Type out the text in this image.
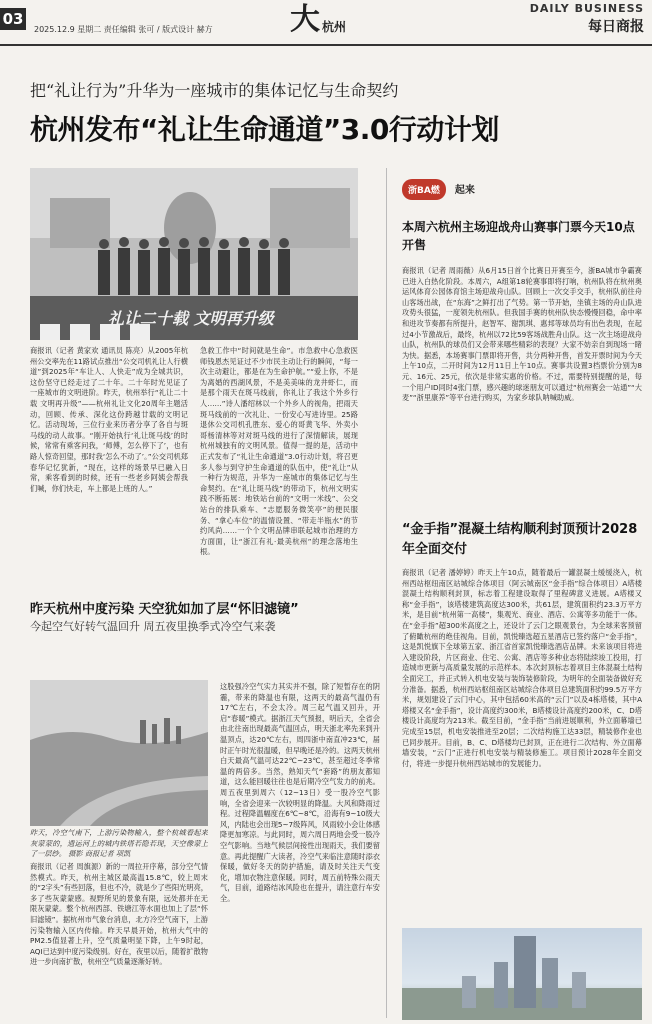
03
2025.12.9 星期二 责任编辑 张可 / 版式设计 赫方	大 杭州
DAILY BUSINESS
每日商报
把“礼让行为”升华为一座城市的集体记忆与生命契约
杭州发布“礼让生命通道”3.0行动计划
礼让二十载 文明再升级
商报讯（记者 黄家欢 通讯员 陈亮）从2005年杭州公交率先在11路试点推出“公交司机礼让人行横道”到2025年“车让人、人快走”成为全城共识，这份坚守已经走过了二十年。二十年时光见证了一座城市的文明进阶。昨天，杭州举行“礼让二十载 文明再升级”——杭州礼让文化20周年主题活动，回顾、传承、深化这份跨越廿载的文明记忆。活动现场，三位行业来历者分享了各自与斑马线的动人故事。“刚开始执行‘礼让斑马线’的时候，常常有乘客问我，‘师傅，怎么停下了’，也有路人惊奇回望，那时我‘怎么不动了’。”公交司机郑春华记忆犹新，“现在，这样的场景早已融入日常，乘客看到的时候，还有一些老乡阿姨会帮我们喊，你们快走，车上都是上班的人。”
急救工作中“时间就是生命”。市急救中心急救医师钱恩杰见证过不少市民主动让行的瞬间，“每一次主动避让，都是在为生命护航。”“爱上你，不是为离婚的西湖风景，不是美美味的龙井虾仁，而是那个雨天在斑马线前，你礼让了我这个外乡行人……”诗人潘绍林以一个外乡人的视角，把雨天斑马线前的一次礼让、一份安心写进诗里。25路退休公交司机孔胜东、爱心的哥黄飞华、外卖小哥杨清林等对对斑马线的进行了深情解读，展现杭州城独有的文明风景。值得一提的是，活动中正式发布了“礼让生命通道”3.0行动计划，将召更多人参与到守护生命通道的队伍中，使“礼让”从一种行为规范，升华为一座城市的集体记忆与生命契约。在“礼让斑马线”的带动下，杭州文明实践不断拓展：地铁站台前的“文明一米线”、公交站台的排队乘车、“志愿服务微笑亭”的便民服务、“拿心车位”的温情设置、“带走半瓶水”的节约风尚……一个个文明品牌串联起城市治理的方方面面，让“浙江有礼·最美杭州”的理念落地生根。
浙BA燃 起来
本周六杭州主场迎战舟山赛事门票今天10点开售
商报讯（记者 周雨薇）从6月15日首个比赛日开赛至今，浙BA城市争霸赛已进入白热化阶段。本周六，A组第18轮赛事即将打响，杭州队将在杭州奥运风体育公园体育馆主场迎战舟山队。回顾上一次交手交手，杭州队前往舟山客场出战，在“东海”之鲜打出了气势。第一节开始，坐镇主场的舟山队进攻势头很猛，一度领先杭州队。但我国手赛的杭州队快态慢慢回稳，命中率和进攻节奏都有所提升，赵智军、谢凯琪、惠邦等球员均有出色表现，在起过4小节激战后，最终，杭州以72比59客场战胜舟山队。这一次主场迎战舟山队，杭州队的球员们又会带来哪些精彩的表现？大家不妨亲自到现场一睹为快。据悉，本场赛事门票即将开售，共分两种开售，首发开票时间为今天上午10点，二开时间为12月11日上午10点。赛事共设置3档票价分别为8元、16元、25元，依次是非常实惠的价格。不过，需要特别提醒的是，每一个用户ID同时4张门票，感兴趣的球迷朋友可以通过“杭州赛会一站通”“大麦”“浙里康养”等平台进行购买，为家乡球队呐喊助威。
“金手指”混凝土结构顺利封顶预计2028年全面交付
商报讯（记者 潘婷婷）昨天上午10点，随着最后一罐混凝土缓缓浇入，杭州西站枢纽南区站城综合体项目（阿云城南区“金手指”综合体项目）A塔楼混凝土结构顺利封顶，标志着工程建设取得了里程碑意义进展。A塔楼又称“金手指”，该塔楼建筑高度达300米，共61层，建筑面积约23.3万平方米，是目前“杭州第一高楼”，集观光、商业、酒店、公寓等多功能于一体。在“金手指”超300米高度之上，还设计了云门之眼观景台，为全球来客预留了俯瞰杭州的绝佳视角。目前，凯悦臻选超五星酒店已签约落户“金手指”，这是凯悦旗下全球第五家、浙江省首家凯悦臻选酒店品牌。未来该项目将进入建设阶段，片区商业、住宅、公寓、酒店等多种业态将陆续竣工投用，打造城市更新与高质量发展的示范样本。本次封顶标志着项目主体混凝土结构全面完工，并正式转入机电安装与装饰装修阶段，为明年的全面装备做好充分准备。据悉，杭州西站枢纽南区站城综合体项目总建筑面积约99.5万平方米，规划建设了云门中心，其中包括60米高的“云门”以及4栋塔楼，其中A塔楼又名“金手指”，设计高度约300米，B塔楼设计高度约200米，C、D塔楼设计高度均为213米。截至目前，“金手指”当前进展顺利，外立面幕墙已完成至15层，机电安装推进至20层；二次结构施工达33层，精装修作业也已同步展开。目前，B、C、D塔楼均已封顶，正在进行二次结构、外立面幕墙安装，“云门”正进行机电安装与精装修施工。项目预计2028年全面交付，将进一步提升杭州西站城市的发展能力。
昨天杭州中度污染 天空犹如加了层“怀旧滤镜”
今起空气好转气温回升 周五夜里换季式冷空气来袭
昨天，冷空气南下，上游污染物输入，整个杭城看起来灰蒙蒙的，遗运河上的城内铁塔若隐若现，天空像蒙上了一层纱。 摄影 商报记者 项凯
商报讯（记者 周旗源）新的一周拉开序幕，部分空气情然模式。昨天，杭州主城区最高温15.8℃，较上周末的“2字头”有些回落，但也不冷，就是少了些阳光明亮，多了些灰蒙蒙感。视野所见的景象有限，远处都并在无限灰蒙蒙。整个杭州西部、铁塘江等水面也加上了层“怀旧滤镜”。据杭州市气象台消息，北方冷空气南下，上游污染物输入区内传输。昨天早晨开始，杭州大气中的PM2.5值显著上升，空气质量明显下降，上午9时起，AQI已达到中度污染级别。好在，夜里以后，随着扩散物进一步向南扩散，杭州空气质量逐渐好转。
这股强冷空气实力其实并不强，除了短暂存在的阴霾，带来的降温也有限，这两天的最高气温仍有17℃左右，不会太冷。周三起气温又回升，开启“春暖”模式。据浙江天气预报，明后天，全省会由北往南出现最高气温回点，明天浙北率先来到升温顶点，达20℃左右，周四浙中南直冲23℃，届时正午时光很温暖，但早晚还是冷的。这两天杭州白天最高气温可达22℃~23℃，甚至超过冬季常温的两倍多。当然，熟知天气“套路”的朋友都知道，这么能回暖往往也是后期冷空气发力的前兆。周五夜里到周六（12~13日）受一股冷空气影响，全省会迎来一次较明显的降温。大风和降雨过程。过程降温幅度在6℃~8℃，沿海有9~10级大风，内陆也会出现5~7级阵风，风雨较小会让体感降更加寒凉。与此同时，周六周日两地会受一股冷空气影响。当地气候层间接性出现雨天，我们要留意。再此提醒广大读者，冷空气来临注意随时添衣保暖，做好冬天的防护措施，请及时关注天气变化，增加衣物注意保暖。同时，周五前特殊公雨天气，目前，道路结冰风险也在提升，请注意行车安全。
